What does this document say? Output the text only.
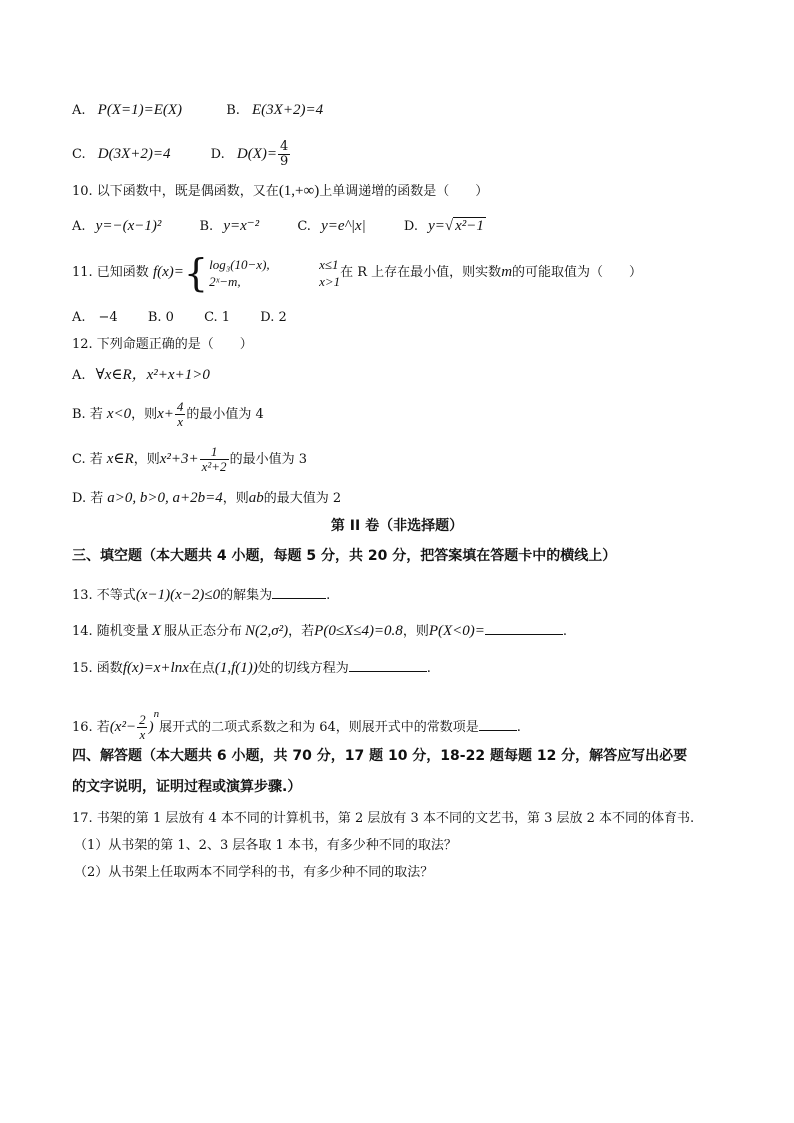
A. P(X=1)=E(X)	B. E(3X+2)=4
C. D(3X+2)=4	D. $D(X)= \frac{4}{9}$
10. 以下函数中，既是偶函数，又在(1,+∞)上单调递增的函数是（　　）
A. y=−(x−1)²	B. y=x⁻²	C. y=e^|x|	D. y=√ x²−1
11. 已知函数 f(x)={ log₃(10−x),	x≤1
2ˣ−m,	x>1
在 R 上存在最小值，则实数m的可能取值为（　　）
A.　−4 B. 0 C. 1 D. 2
12. 下列命题正确的是（　　）
A. ∀x∈R，x²+x+1>0
B. 若 x<0，则$x+ \frac{4}{x}$ 的最小值为 4
C. 若 x∈R，则$x^2+3+ \frac{1}{\text{x²+2}}$ 的最小值为 3
D. 若 a>0, b>0, a+2b=4，则ab的最大值为 2
第 II 卷（非选择题）
三、填空题（本大题共 4 小题，每题 5 分，共 20 分，把答案填在答题卡中的横线上）
13. 不等式(x−1)(x−2)≤0的解集为	.
14. 随机变量 X 服从正态分布 N(2,σ²)，若P(0≤X≤4)=0.8，则P(X<0)=	.
15. 函数f(x)=x+lnx在点(1,f(1))处的切线方程为	.
16. 若$(x^2- \frac{2}{x} )^n$展开式的二项式系数之和为 64，则展开式中的常数项是	.
四、解答题（本大题共 6 小题，共 70 分，17 题 10 分，18-22 题每题 12 分，解答应写出必要
的文字说明，证明过程或演算步骤.）
17. 书架的第 1 层放有 4 本不同的计算机书，第 2 层放有 3 本不同的文艺书，第 3 层放 2 本不同的体育书.
（1）从书架的第 1、2、3 层各取 1 本书，有多少种不同的取法？
（2）从书架上任取两本不同学科的书，有多少种不同的取法？
